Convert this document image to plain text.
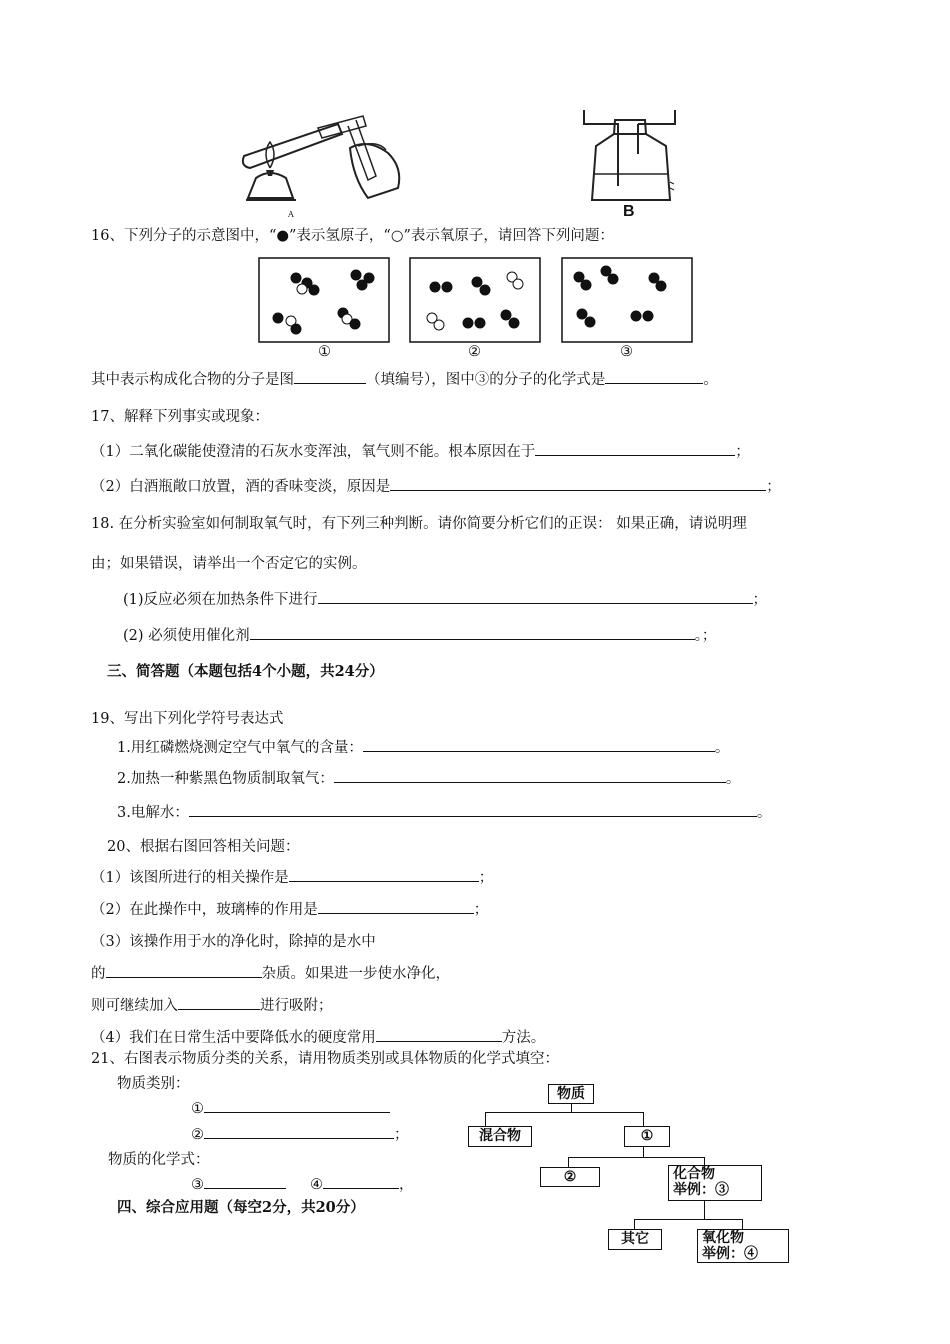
A	B
16、下列分子的示意图中，“●”表示氢原子，“○”表示氧原子，请回答下列问题：
①	②	③
其中表示构成化合物的分子是图	（填编号），图中③的分子的化学式是	。
17、解释下列事实或现象：
（1）二氧化碳能使澄清的石灰水变浑浊，氧气则不能。根本原因在于	；
（2）白酒瓶敞口放置，酒的香味变淡，原因是	；
18. 在分析实验室如何制取氧气时，有下列三种判断。请你简要分析它们的正误： 如果正确，请说明理
由；如果错误，请举出一个否定它的实例。
(1)反应必须在加热条件下进行	；
(2) 必须使用催化剂	。；
三、简答题（本题包括4个小题，共24分）
19、写出下列化学符号表达式
1.用红磷燃烧测定空气中氧气的含量：	。
2.加热一种紫黑色物质制取氧气：	。
3.电解水：	。
20、根据右图回答相关问题：
（1）该图所进行的相关操作是	；
（2）在此操作中，玻璃棒的作用是	；
（3）该操作用于水的净化时，除掉的是水中
的	杂质。如果进一步使水净化，
则可继续加入	进行吸附；
（4）我们在日常生活中要降低水的硬度常用	方法。
21、右图表示物质分类的关系，请用物质类别或具体物质的化学式填空：
物质类别：
①
②	；
物质的化学式：
③	④	，
物质
混合物	①
②	化合物
举例：③
其它	氧化物
举例：④
四、综合应用题（每空2分，共20分）
